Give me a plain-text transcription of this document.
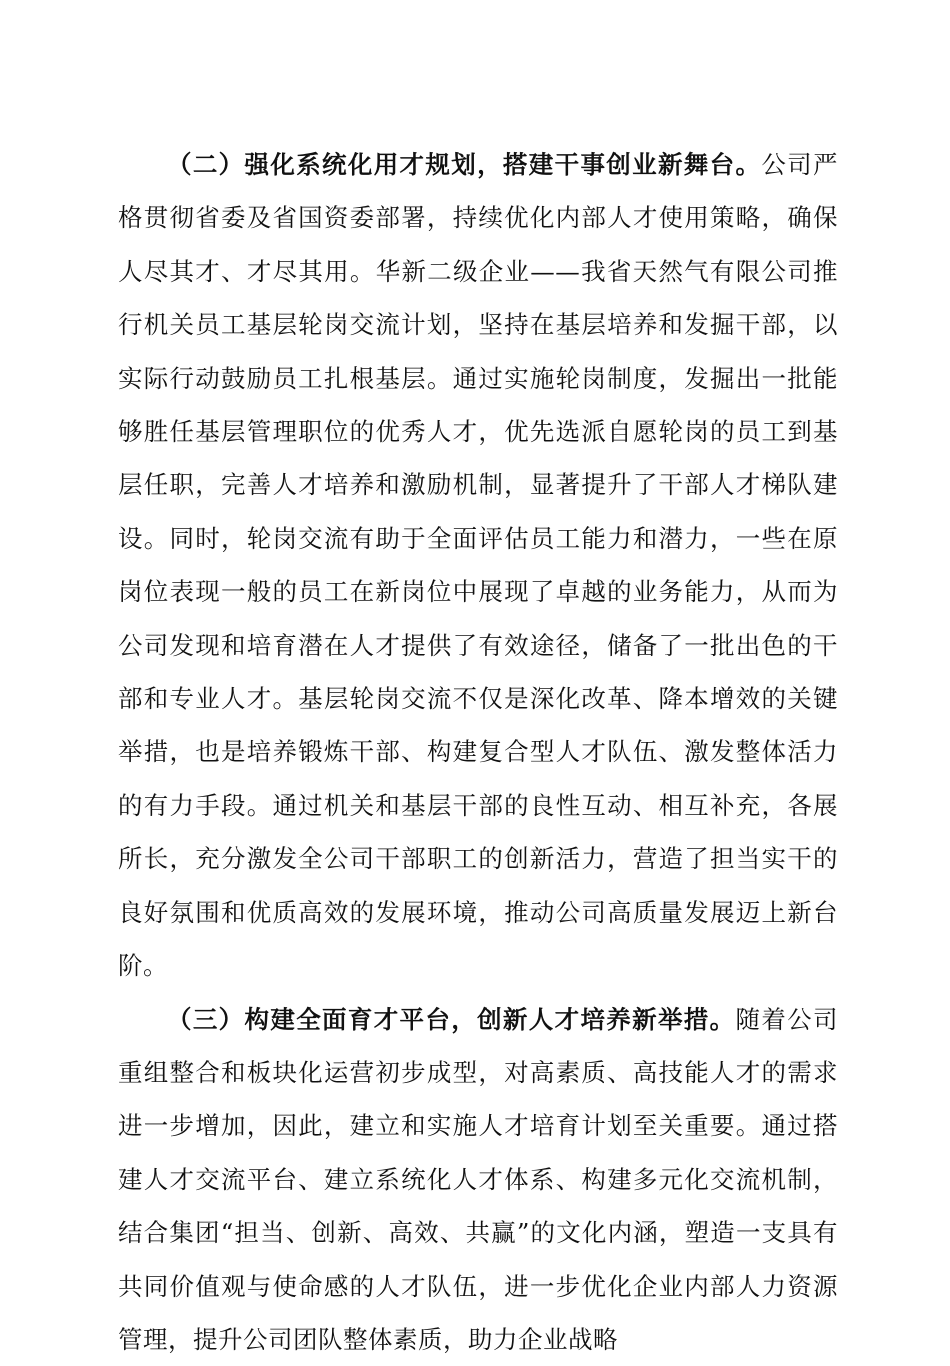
（二）强化系统化用才规划，搭建干事创业新舞台。公司严格贯彻省委及省国资委部署，持续优化内部人才使用策略，确保人尽其才、才尽其用。华新二级企业——我省天然气有限公司推行机关员工基层轮岗交流计划，坚持在基层培养和发掘干部，以实际行动鼓励员工扎根基层。通过实施轮岗制度，发掘出一批能够胜任基层管理职位的优秀人才，优先选派自愿轮岗的员工到基层任职，完善人才培养和激励机制，显著提升了干部人才梯队建设。同时，轮岗交流有助于全面评估员工能力和潜力，一些在原岗位表现一般的员工在新岗位中展现了卓越的业务能力，从而为公司发现和培育潜在人才提供了有效途径，储备了一批出色的干部和专业人才。基层轮岗交流不仅是深化改革、降本增效的关键举措，也是培养锻炼干部、构建复合型人才队伍、激发整体活力的有力手段。通过机关和基层干部的良性互动、相互补充，各展所长，充分激发全公司干部职工的创新活力，营造了担当实干的良好氛围和优质高效的发展环境，推动公司高质量发展迈上新台阶。

（三）构建全面育才平台，创新人才培养新举措。随着公司重组整合和板块化运营初步成型，对高素质、高技能人才的需求进一步增加，因此，建立和实施人才培育计划至关重要。通过搭建人才交流平台、建立系统化人才体系、构建多元化交流机制，结合集团“担当、创新、高效、共赢”的文化内涵，塑造一支具有共同价值观与使命感的人才队伍，进一步优化企业内部人力资源管理，提升公司团队整体素质，助力企业战略
